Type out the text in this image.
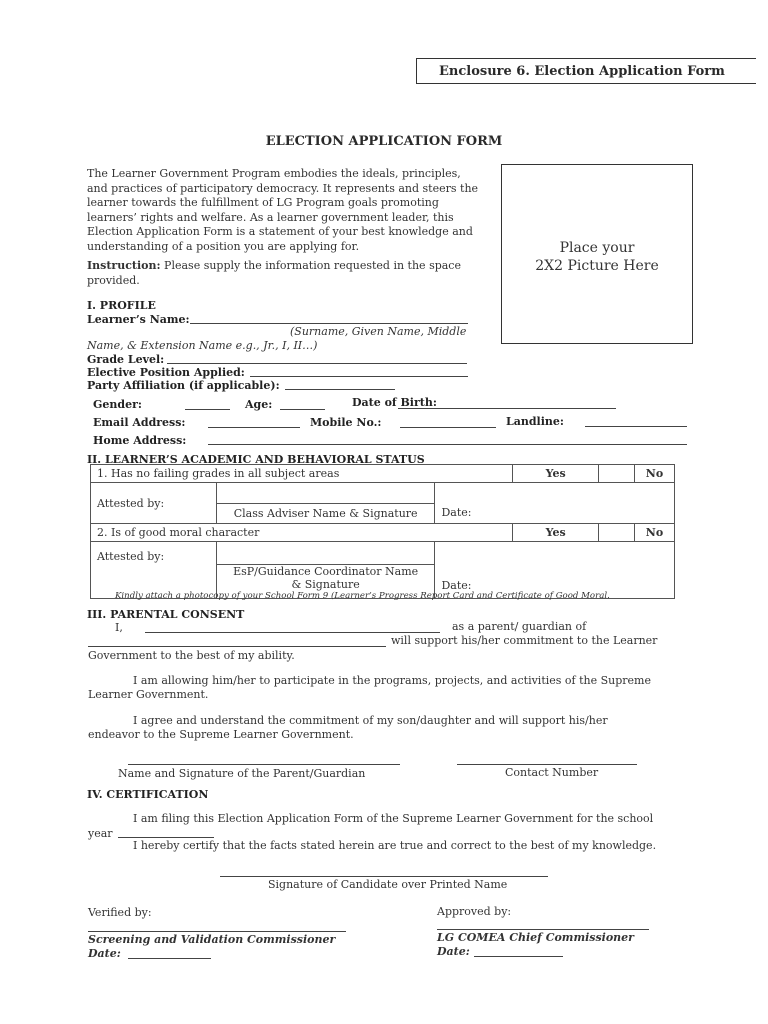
Enclosure 6. Election Application Form
ELECTION APPLICATION FORM
The Learner Government Program embodies the ideals, principles,
and practices of participatory democracy. It represents and steers the
learner towards the fulfillment of LG Program goals promoting
learners’ rights and welfare. As a learner government leader, this
Election Application Form is a statement of your best knowledge and
understanding of a position you are applying for.
Instruction: Please supply the information requested in the space
provided.
Place your
2X2 Picture Here
I. PROFILE
Learner’s Name:
(Surname, Given Name, Middle
Name, & Extension Name e.g., Jr., I, II…)
Grade Level:
Elective Position Applied:
Party Affiliation (if applicable):
Gender:	Age:	Date of Birth:
Email Address:	Mobile No.:	Landline:
Home Address:
II. LEARNER’S ACADEMIC AND BEHAVIORAL STATUS
1. Has no failing grades in all subject areas			Yes		No
Attested by:		Date:			
	Class Adviser Name & Signature				
2. Is of good moral character			Yes		No
Attested by:		Date:			

	EsP/Guidance Coordinator Name
& Signature				
Kindly attach a photocopy of your School Form 9 (Learner’s Progress Report Card and Certificate of Good Moral.
III. PARENTAL CONSENT
I,	as a parent/ guardian of
will support his/her commitment to the Learner
Government to the best of my ability.
I am allowing him/her to participate in the programs, projects, and activities of the Supreme
Learner Government.
I agree and understand the commitment of my son/daughter and will support his/her
endeavor to the Supreme Learner Government.
Name and Signature of the Parent/Guardian	Contact Number
IV. CERTIFICATION
I am filing this Election Application Form of the Supreme Learner Government for the school
year
I hereby certify that the facts stated herein are true and correct to the best of my knowledge.
Signature of Candidate over Printed Name
Verified by:	Approved by:
Screening and Validation Commissioner	LG COMEA Chief Commissioner
Date:	Date:
